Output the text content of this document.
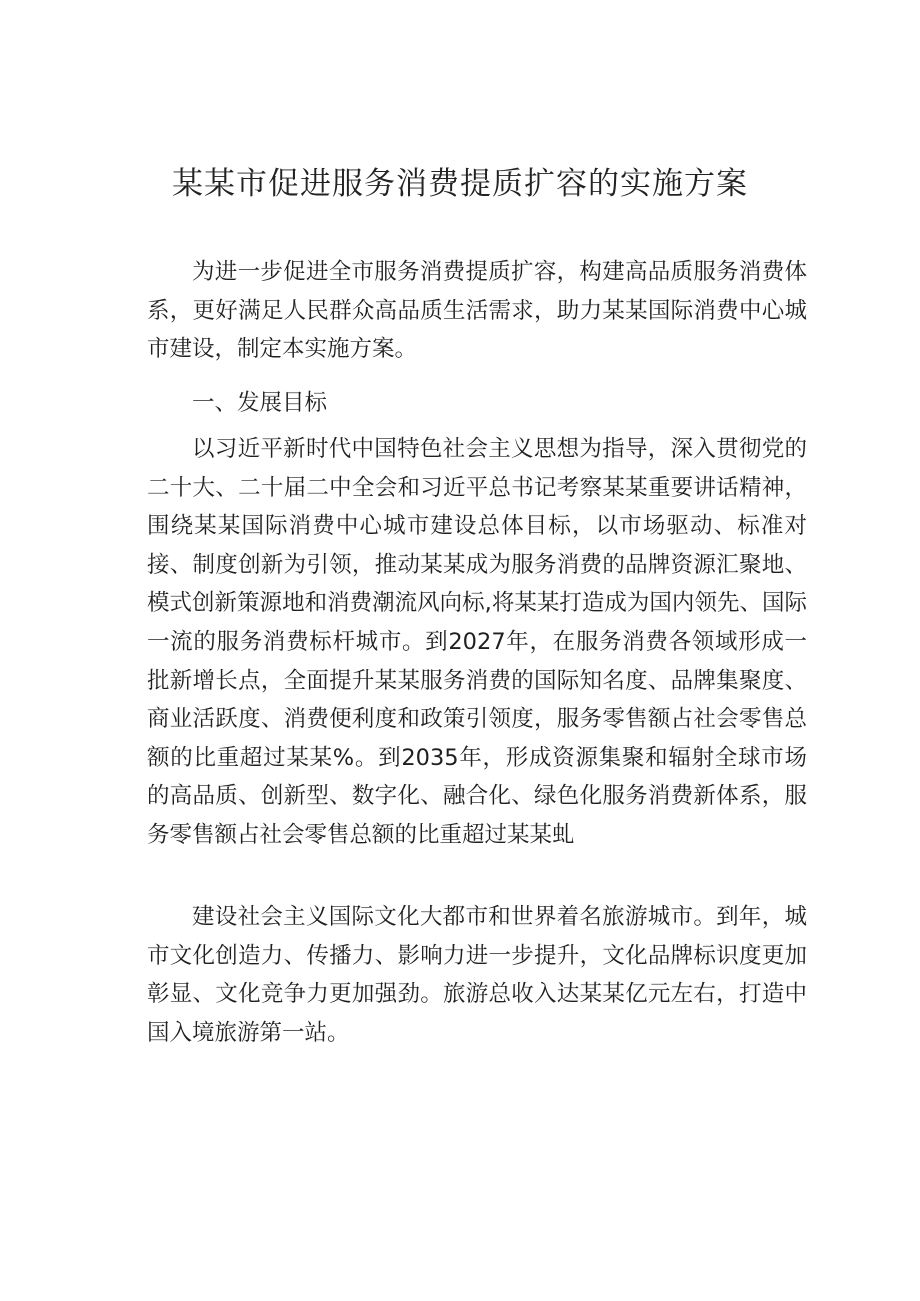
某某市促进服务消费提质扩容的实施方案

为进一步促进全市服务消费提质扩容，构建高品质服务消费体系，更好满足人民群众高品质生活需求，助力某某国际消费中心城市建设，制定本实施方案。

一、发展目标

以习近平新时代中国特色社会主义思想为指导，深入贯彻党的二十大、二十届二中全会和习近平总书记考察某某重要讲话精神，围绕某某国际消费中心城市建设总体目标，以市场驱动、标准对接、制度创新为引领，推动某某成为服务消费的品牌资源汇聚地、模式创新策源地和消费潮流风向标,将某某打造成为国内领先、国际一流的服务消费标杆城市。到2027年，在服务消费各领域形成一批新增长点，全面提升某某服务消费的国际知名度、品牌集聚度、商业活跃度、消费便利度和政策引领度，服务零售额占社会零售总额的比重超过某某%。到2035年，形成资源集聚和辐射全球市场的高品质、创新型、数字化、融合化、绿色化服务消费新体系，服务零售额占社会零售总额的比重超过某某虬

建设社会主义国际文化大都市和世界着名旅游城市。到年，城市文化创造力、传播力、影响力进一步提升，文化品牌标识度更加彰显、文化竞争力更加强劲。旅游总收入达某某亿元左右，打造中国入境旅游第一站。
